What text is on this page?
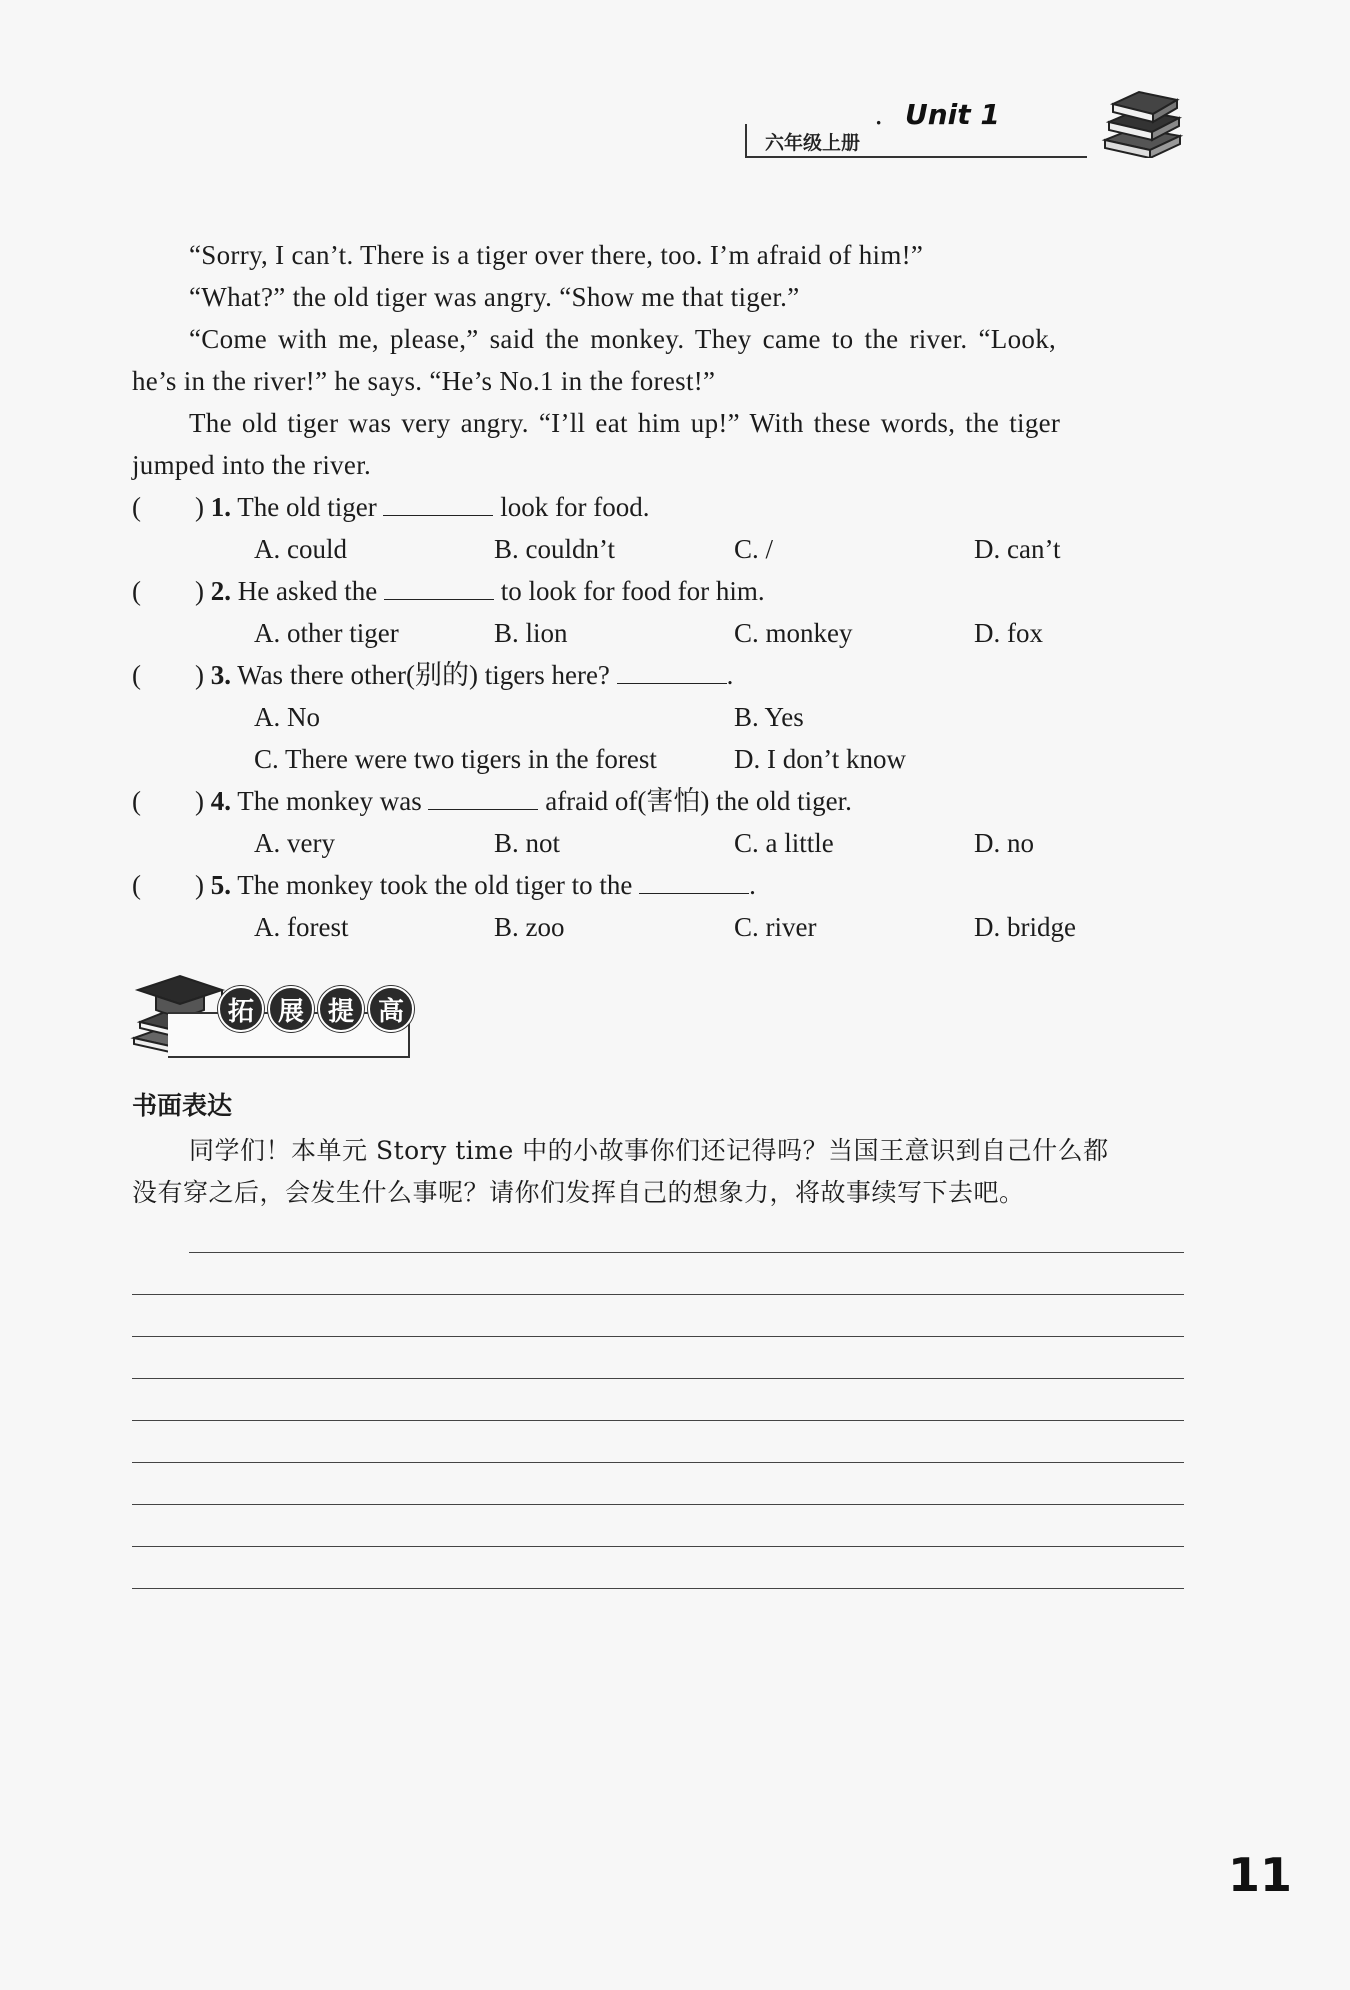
六年级上册
· Unit 1
“Sorry, I can’t. There is a tiger over there, too. I’m afraid of him!”
“What?” the old tiger was angry. “Show me that tiger.”
“Come with me, please,” said the monkey. They came to the river. “Look,
he’s in the river!” he says. “He’s No.1 in the forest!”
The old tiger was very angry. “I’ll eat him up!” With these words, the tiger
jumped into the river.
(　　) 1. The old tiger	look for food.
A. could	B. couldn’t	C. /	D. can’t
(　　) 2. He asked the	to look for food for him.
A. other tiger	B. lion	C. monkey	D. fox
(　　) 3. Was there other(别的) tigers here?	.
A. No	B. Yes
C. There were two tigers in the forest	D. I don’t know
(　　) 4. The monkey was	afraid of(害怕) the old tiger.
A. very	B. not	C. a little	D. no
(　　) 5. The monkey took the old tiger to the	.
A. forest	B. zoo	C. river	D. bridge
拓 展 提 高
书面表达
同学们！本单元 Story time 中的小故事你们还记得吗？当国王意识到自己什么都
没有穿之后，会发生什么事呢？请你们发挥自己的想象力，将故事续写下去吧。
11
